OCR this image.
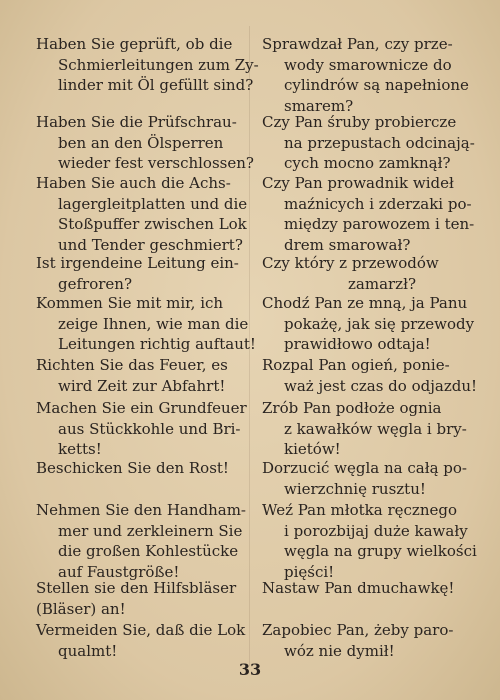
Haben Sie geprüft, ob die
Schmierleitungen zum Zy-
linder mit Öl gefüllt sind?
Sprawdzał Pan, czy prze-
wody smarownicze do
cylindrów są napełnione
smarem?
Haben Sie die Prüfschrau-
ben an den Ölsperren
wieder fest verschlossen?
Czy Pan śruby probiercze
na przepustach odcinają-
cych mocno zamknął?
Haben Sie auch die Achs-
lagergleitplatten und die
Stoßpuffer zwischen Lok
und Tender geschmiert?
Czy Pan prowadnik wideł
maźnicych i zderzaki po-
między parowozem i ten-
drem smarował?
Ist irgendeine Leitung ein-
gefroren?
Czy który z przewodów
zamarzł?
Kommen Sie mit mir, ich
zeige Ihnen, wie man die
Leitungen richtig auftaut!
Chodź Pan ze mną, ja Panu
pokażę, jak się przewody
prawidłowo odtaja!
Richten Sie das Feuer, es
wird Zeit zur Abfahrt!
Rozpal Pan ogień, ponie-
waż jest czas do odjazdu!
Machen Sie ein Grundfeuer
aus Stückkohle und Bri-
ketts!
Zrób Pan podłoże ognia
z kawałków węgla i bry-
kietów!
Beschicken Sie den Rost!	Dorzucić węgla na całą po-
wierzchnię rusztu!
Nehmen Sie den Handham-
mer und zerkleinern Sie
die großen Kohlestücke
auf Faustgröße!
Weź Pan młotka ręcznego
i porozbijaj duże kawały
węgla na grupy wielkości
pięści!
Stellen sie den Hilfsbläser
(Bläser) an!
Nastaw Pan dmuchawkę!
Vermeiden Sie, daß die Lok
qualmt!
Zapobiec Pan, żeby paro-
wóz nie dymił!
33
